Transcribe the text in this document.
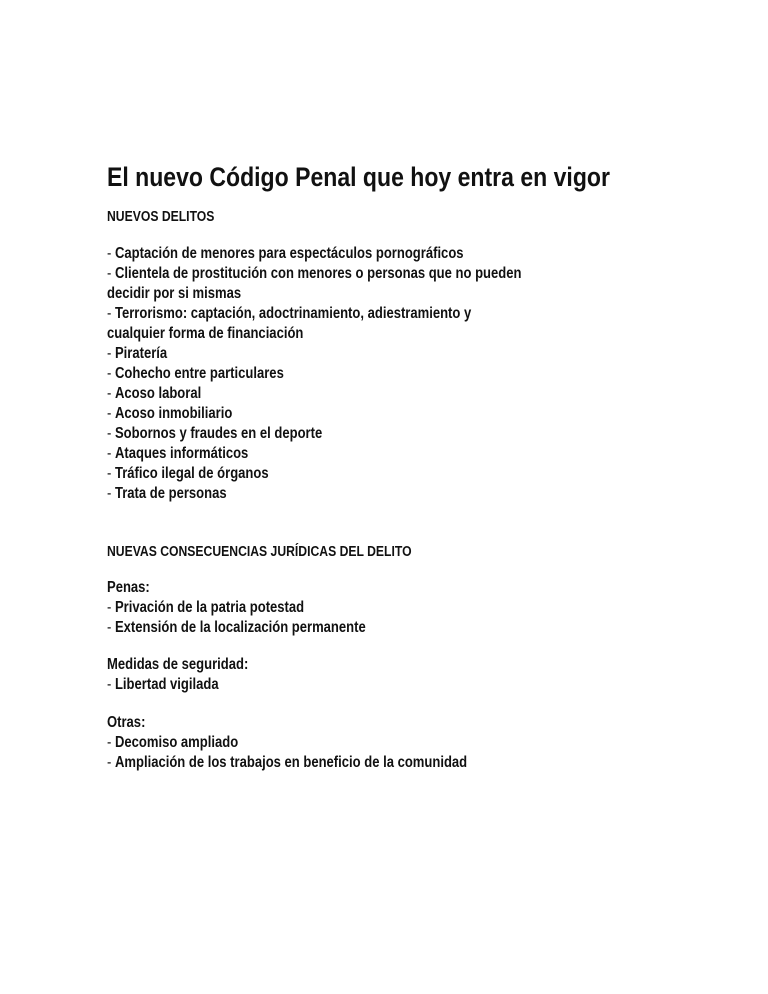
El nuevo Código Penal que hoy entra en vigor
NUEVOS DELITOS
- Captación de menores para espectáculos pornográficos
- Clientela de prostitución con menores o personas que no pueden
decidir por si mismas
- Terrorismo: captación, adoctrinamiento, adiestramiento y
cualquier forma de financiación
- Piratería
- Cohecho entre particulares
- Acoso laboral
- Acoso inmobiliario
- Sobornos y fraudes en el deporte
- Ataques informáticos
- Tráfico ilegal de órganos
- Trata de personas
NUEVAS CONSECUENCIAS JURÍDICAS DEL DELITO
Penas:
- Privación de la patria potestad
- Extensión de la localización permanente
Medidas de seguridad:
- Libertad vigilada
Otras:
- Decomiso ampliado
- Ampliación de los trabajos en beneficio de la comunidad
